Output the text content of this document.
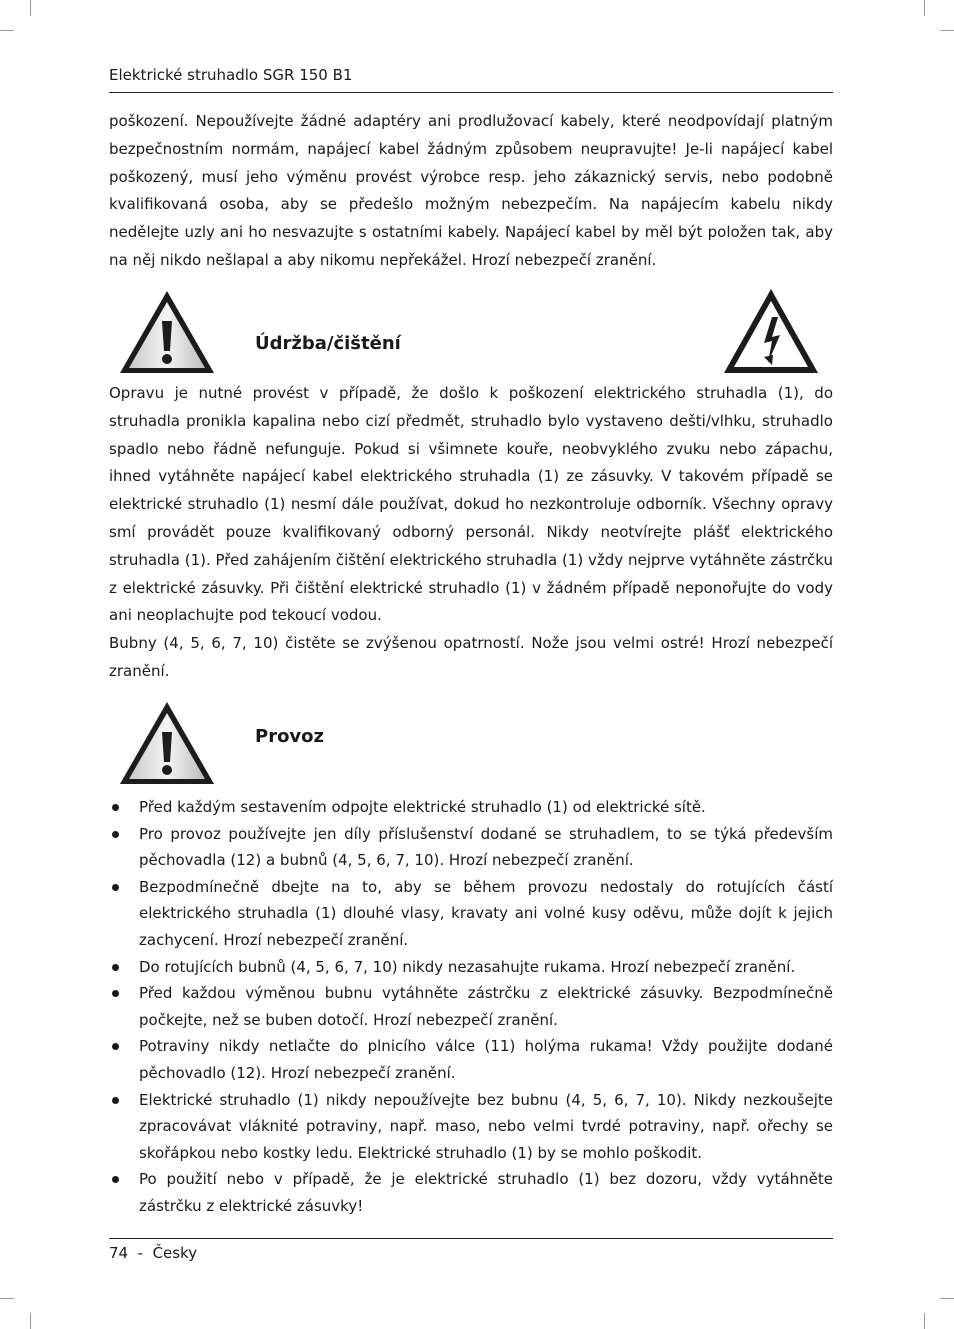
Elektrické struhadlo SGR 150 B1

poškození. Nepoužívejte žádné adaptéry ani prodlužovací kabely, které neodpovídají platným bezpečnostním normám, napájecí kabel žádným způsobem neupravujte! Je-li napájecí kabel poškozený, musí jeho výměnu provést výrobce resp. jeho zákaznický servis, nebo podobně kvalifikovaná osoba, aby se předešlo možným nebezpečím. Na napájecím kabelu nikdy nedělejte uzly ani ho nesvazujte s ostatními kabely. Napájecí kabel by měl být položen tak, aby na něj nikdo nešlapal a aby nikomu nepřekážel. Hrozí nebezpečí zranění.

Údržba/čištění

Opravu je nutné provést v případě, že došlo k poškození elektrického struhadla (1), do struhadla pronikla kapalina nebo cizí předmět, struhadlo bylo vystaveno dešti/vlhku, struhadlo spadlo nebo řádně nefunguje. Pokud si všimnete kouře, neobvyklého zvuku nebo zápachu, ihned vytáhněte napájecí kabel elektrického struhadla (1) ze zásuvky. V takovém případě se elektrické struhadlo (1) nesmí dále používat, dokud ho nezkontroluje odborník. Všechny opravy smí provádět pouze kvalifikovaný odborný personál. Nikdy neotvírejte plášť elektrického struhadla (1). Před zahájením čištění elektrického struhadla (1) vždy nejprve vytáhněte zástrčku z elektrické zásuvky. Při čištění elektrické struhadlo (1) v žádném případě neponořujte do vody ani neoplachujte pod tekoucí vodou.

Bubny (4, 5, 6, 7, 10) čistěte se zvýšenou opatrností. Nože jsou velmi ostré! Hrozí nebezpečí zranění.

Provoz
Před každým sestavením odpojte elektrické struhadlo (1) od elektrické sítě.
Pro provoz používejte jen díly příslušenství dodané se struhadlem, to se týká především pěchovadla (12) a bubnů (4, 5, 6, 7, 10). Hrozí nebezpečí zranění.
Bezpodmínečně dbejte na to, aby se během provozu nedostaly do rotujících částí elektrického struhadla (1) dlouhé vlasy, kravaty ani volné kusy oděvu, může dojít k jejich zachycení. Hrozí nebezpečí zranění.
Do rotujících bubnů (4, 5, 6, 7, 10) nikdy nezasahujte rukama. Hrozí nebezpečí zranění.
Před každou výměnou bubnu vytáhněte zástrčku z elektrické zásuvky. Bezpodmínečně počkejte, než se buben dotočí. Hrozí nebezpečí zranění.
Potraviny nikdy netlačte do plnicího válce (11) holýma rukama! Vždy použijte dodané pěchovadlo (12). Hrozí nebezpečí zranění.
Elektrické struhadlo (1) nikdy nepoužívejte bez bubnu (4, 5, 6, 7, 10). Nikdy nezkoušejte zpracovávat vláknité potraviny, např. maso, nebo velmi tvrdé potraviny, např. ořechy se skořápkou nebo kostky ledu. Elektrické struhadlo (1) by se mohlo poškodit.
Po použití nebo v případě, že je elektrické struhadlo (1) bez dozoru, vždy vytáhněte zástrčku z elektrické zásuvky!
74  -  Česky
